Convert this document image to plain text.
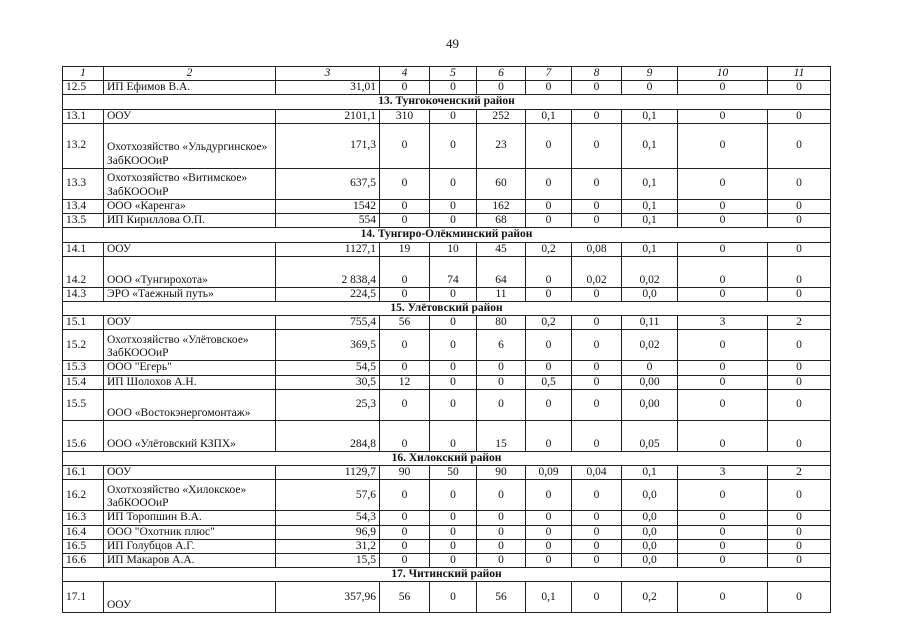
49
1	2	3	4	5	6	7	8	9	10	11
12.5	ИП Ефимов В.А.	31,01	0	0	0	0	0	0	0	0
13. Тунгокоченский район										
13.1	ООУ	2101,1	310	0	252	0,1	0	0,1	0	0
13.2	Охотхозяйство «Ульдургинское» ЗабКОООиР	171,3	0	0	23	0	0	0,1	0	0
13.3	Охотхозяйство «Витимское» ЗабКОООиР	637,5	0	0	60	0	0	0,1	0	0
13.4	ООО «Каренга»	1542	0	0	162	0	0	0,1	0	0
13.5	ИП Кириллова О.П.	554	0	0	68	0	0	0,1	0	0
14. Тунгиро-Олёкминский район										
14.1	ООУ	1127,1	19	10	45	0,2	0,08	0,1	0	0
14.2	ООО «Тунгирохота»	2 838,4	0	74	64	0	0,02	0,02	0	0
14.3	ЭРО «Таежный путь»	224,5	0	0	11	0	0	0,0	0	0
15. Улётовский район										
15.1	ООУ	755,4	56	0	80	0,2	0	0,11	3	2
15.2	Охотхозяйство «Улётовское» ЗабКОООиР	369,5	0	0	6	0	0	0,02	0	0
15.3	ООО "Егерь"	54,5	0	0	0	0	0	0	0	0
15.4	ИП Шолохов А.Н.	30,5	12	0	0	0,5	0	0,00	0	0
15.5	ООО «Востокэнергомонтаж»	25,3	0	0	0	0	0	0,00	0	0
15.6	ООО «Улётовский КЗПХ»	284,8	0	0	15	0	0	0,05	0	0
16. Хилокский район										
16.1	ООУ	1129,7	90	50	90	0,09	0,04	0,1	3	2
16.2	Охотхозяйство «Хилокское» ЗабКОООиР	57,6	0	0	0	0	0	0,0	0	0
16.3	ИП Торопшин В.А.	54,3	0	0	0	0	0	0,0	0	0
16.4	ООО "Охотник плюс"	96,9	0	0	0	0	0	0,0	0	0
16.5	ИП Голубцов А.Г.	31,2	0	0	0	0	0	0,0	0	0
16.6	ИП Макаров А.А.	15,5	0	0	0	0	0	0,0	0	0
17. Читинский район										
17.1	ООУ	357,96	56	0	56	0,1	0	0,2	0	0
